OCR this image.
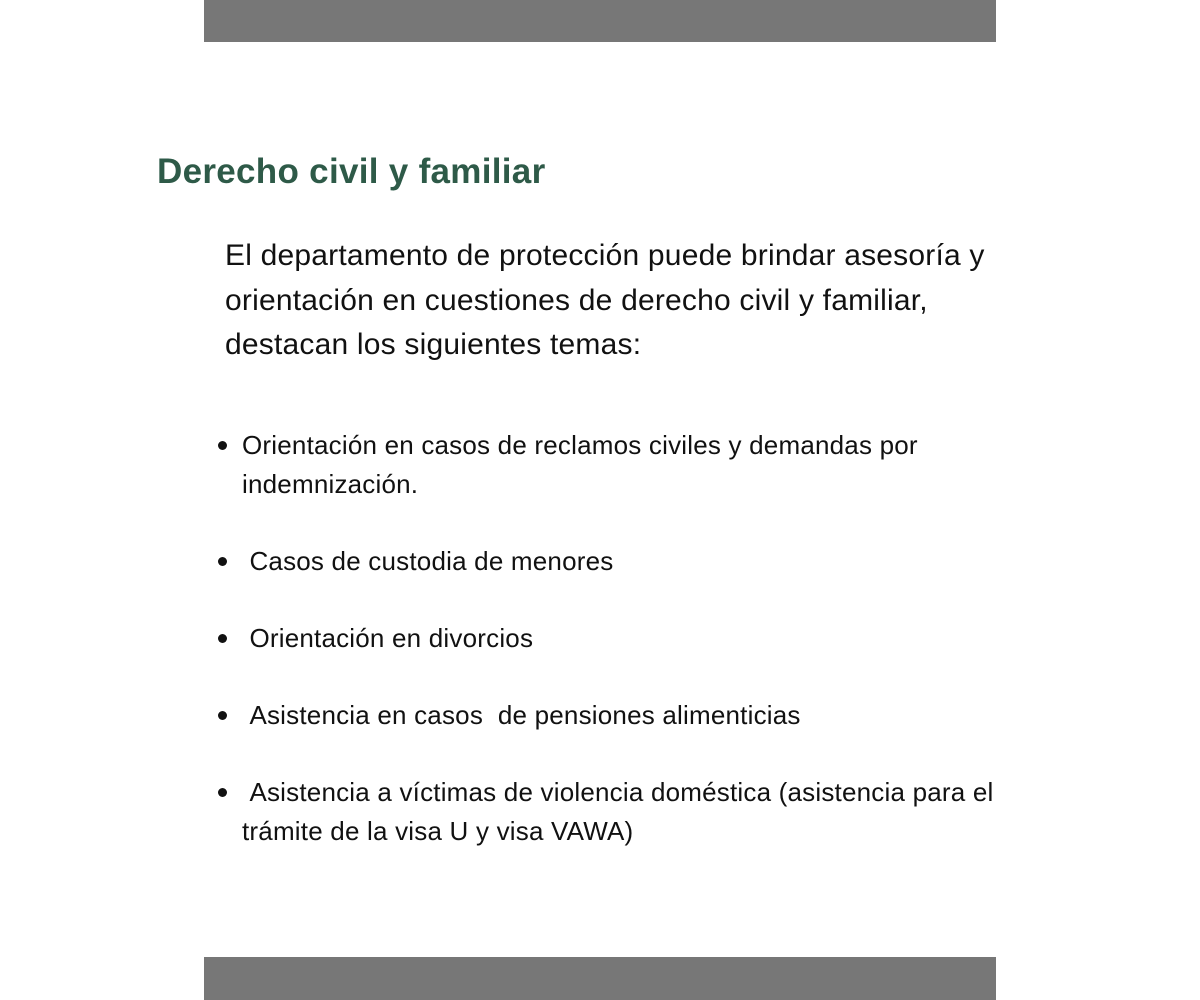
Derecho civil y familiar

El departamento de protección puede brindar asesoría y orientación en cuestiones de derecho civil y familiar, destacan los siguientes temas:

Orientación en casos de reclamos civiles y demandas por indemnización.
Casos de custodia de menores
Orientación en divorcios
Asistencia en casos  de pensiones alimenticias
Asistencia a víctimas de violencia doméstica (asistencia para el trámite de la visa U y visa VAWA)
